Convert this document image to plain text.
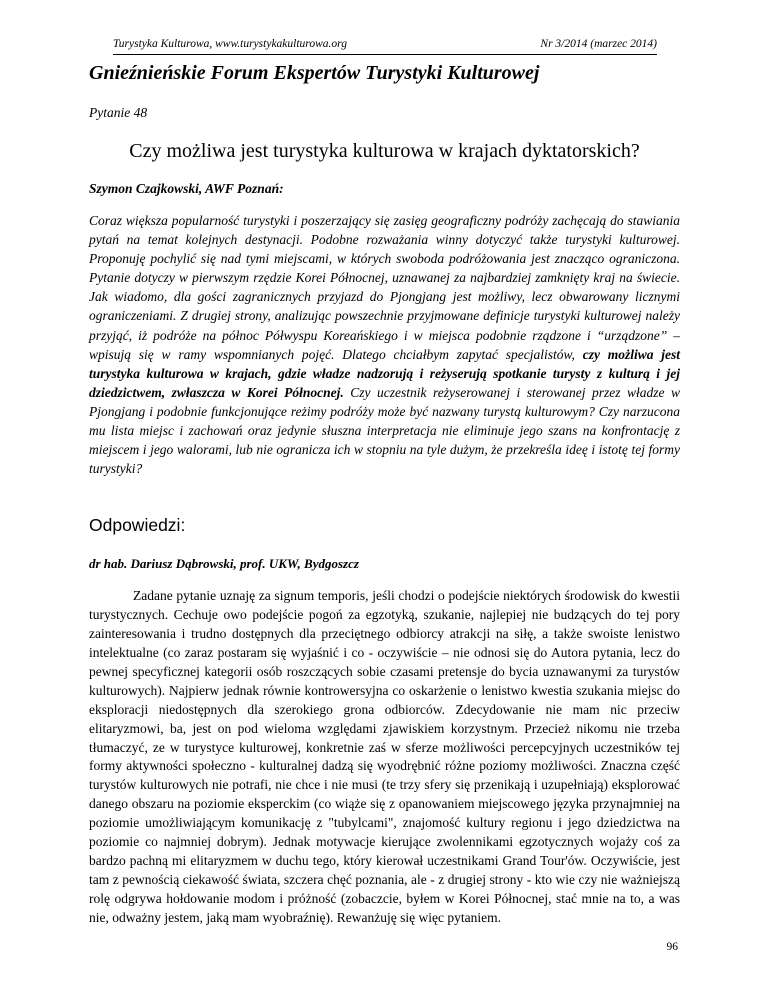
Turystyka Kulturowa, www.turystykakulturowa.org	Nr 3/2014 (marzec 2014)
Gnieźnieńskie Forum Ekspertów Turystyki Kulturowej

Pytanie 48

Czy możliwa jest turystyka kulturowa w krajach dyktatorskich?

Szymon Czajkowski, AWF Poznań:

Coraz większa popularność turystyki i poszerzający się zasięg geograficzny podróży zachęcają do stawiania pytań na temat kolejnych destynacji. Podobne rozważania winny dotyczyć także turystyki kulturowej. Proponuję pochylić się nad tymi miejscami, w których swoboda podróżowania jest znacząco ograniczona. Pytanie dotyczy w pierwszym rzędzie Korei Północnej, uznawanej za najbardziej zamknięty kraj na świecie. Jak wiadomo, dla gości zagranicznych przyjazd do Pjongjang jest możliwy, lecz obwarowany licznymi ograniczeniami. Z drugiej strony, analizując powszechnie przyjmowane definicje turystyki kulturowej należy przyjąć, iż podróże na północ Półwyspu Koreańskiego i w miejsca podobnie rządzone i “urządzone” – wpisują się w ramy wspomnianych pojęć. Dlatego chciałbym zapytać specjalistów, czy możliwa jest turystyka kulturowa w krajach, gdzie władze nadzorują i reżyserują spotkanie turysty z kulturą i jej dziedzictwem, zwłaszcza w Korei Północnej. Czy uczestnik reżyserowanej i sterowanej przez władze w Pjongjang i podobnie funkcjonujące reżimy podróży może być nazwany turystą kulturowym? Czy narzucona mu lista miejsc i zachowań oraz jedynie słuszna interpretacja nie eliminuje jego szans na konfrontację z miejscem i jego walorami, lub nie ogranicza ich w stopniu na tyle dużym, że przekreśla ideę i istotę tej formy turystyki?

Odpowiedzi:

dr hab. Dariusz Dąbrowski, prof. UKW, Bydgoszcz

Zadane pytanie uznaję za signum temporis, jeśli chodzi o podejście niektórych środowisk do kwestii turystycznych. Cechuje owo podejście pogoń za egzotyką, szukanie, najlepiej nie budzących do tej pory zainteresowania i trudno dostępnych dla przeciętnego odbiorcy atrakcji na siłę, a także swoiste lenistwo intelektualne (co zaraz postaram się wyjaśnić i co - oczywiście – nie odnosi się do Autora pytania, lecz do pewnej specyficznej kategorii osób roszczących sobie czasami pretensje do bycia uznawanymi za turystów kulturowych). Najpierw jednak równie kontrowersyjna co oskarżenie o lenistwo kwestia szukania miejsc do eksploracji niedostępnych dla szerokiego grona odbiorców. Zdecydowanie nie mam nic przeciw elitaryzmowi, ba, jest on pod wieloma względami zjawiskiem korzystnym. Przecież nikomu nie trzeba tłumaczyć, ze w turystyce kulturowej, konkretnie zaś w sferze możliwości percepcyjnych uczestników tej formy aktywności społeczno - kulturalnej dadzą się wyodrębnić różne poziomy możliwości. Znaczna część turystów kulturowych nie potrafi, nie chce i nie musi (te trzy sfery się przenikają i uzupełniają) eksplorować danego obszaru na poziomie eksperckim (co wiąże się z opanowaniem miejscowego języka przynajmniej na poziomie umożliwiającym komunikację z "tubylcami", znajomość kultury regionu i jego dziedzictwa na poziomie co najmniej dobrym). Jednak motywacje kierujące zwolennikami egzotycznych wojaży coś za bardzo pachną mi elitaryzmem w duchu tego, który kierował uczestnikami Grand Tour'ów. Oczywiście, jest tam z pewnością ciekawość świata, szczera chęć poznania, ale - z drugiej strony - kto wie czy nie ważniejszą rolę odgrywa hołdowanie modom i próżność (zobaczcie, byłem w Korei Północnej, stać mnie na to, a was nie, odważny jestem, jaką mam wyobraźnię). Rewanżuję się więc pytaniem.

96
